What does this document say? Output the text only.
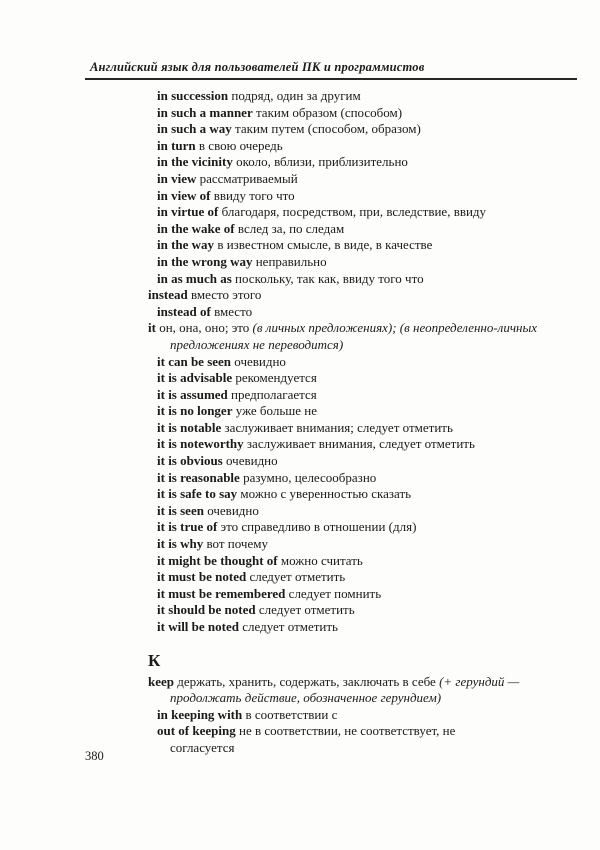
Английский язык для пользователей ПК и программистов

in succession подряд, один за другим

in such a manner таким образом (способом)

in such a way таким путем (способом, образом)

in turn в свою очередь

in the vicinity около, вблизи, приблизительно

in view рассматриваемый

in view of ввиду того что

in virtue of благодаря, посредством, при, вследствие, ввиду

in the wake of вслед за, по следам

in the way в известном смысле, в виде, в качестве

in the wrong way неправильно

in as much as поскольку, так как, ввиду того что

instead вместо этого

instead of вместо

it он, она, оно; это (в личных предложениях); (в неопределенно-личных
предложениях не переводится)

it can be seen очевидно

it is advisable рекомендуется

it is assumed предполагается

it is no longer уже больше не

it is notable заслуживает внимания; следует отметить

it is noteworthy заслуживает внимания, следует отметить

it is obvious очевидно

it is reasonable разумно, целесообразно

it is safe to say можно с уверенностью сказать

it is seen очевидно

it is true of это справедливо в отношении (для)

it is why вот почему

it might be thought of можно считать

it must be noted следует отметить

it must be remembered следует помнить

it should be noted следует отметить

it will be noted следует отметить

К

keep держать, хранить, содержать, заключать в себе (+ герундий —
продолжать действие, обозначенное герундием)

in keeping with в соответствии с

out of keeping не в соответствии, не соответствует, не
согласуется

380
